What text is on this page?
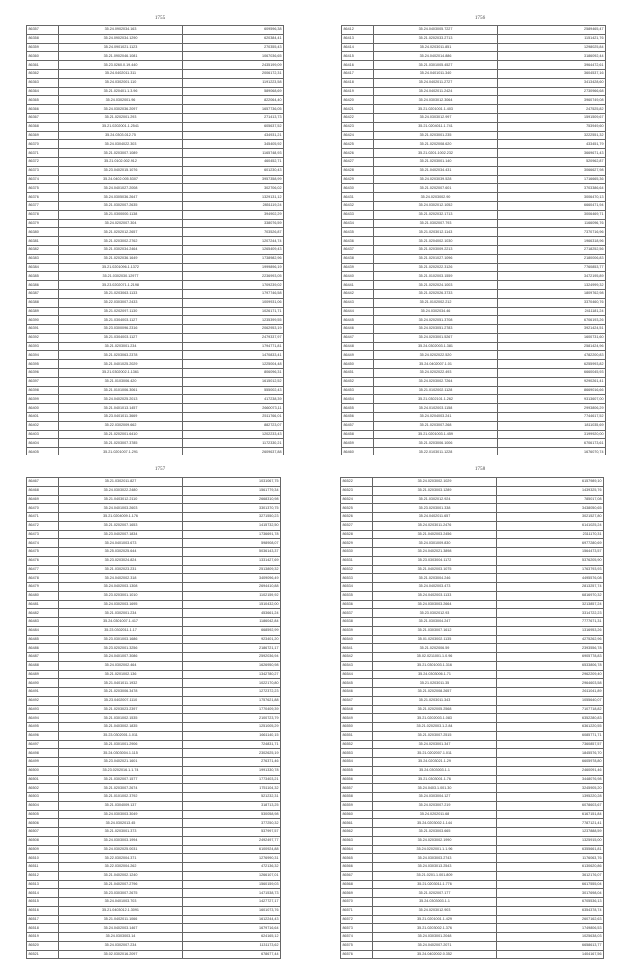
1755
86357	35.24.0902034.163	609596,38
86358	35.24.0902034.1290	620384,41
86359	35.24.0901021.1123	270355,43
86360	35.21.0902046.1081	1067036,65
86361	35.23.0260.0.19.440	2435199,09
86362	35.24.0402011.311	2006172,31
86363	35.24.0302001.110	1191223,58
86364	35.21.020401.1.3.96	589068,69
86365	35.24.0302001.96	822064,40
86366	35.24.0302036.2097	1657736,05
86367	35.21.0202001.293	271413,73
86368	35.21.0202001.1.2541	605637,52
86369	35.24.0303.012.75	434931,21
86370	35.24.0304022.303	345405,92
86371	35.21.0203007.1089	1165748,93
86372	35.21.0102.002.912	460452,71
86373	35.23.0402015.1076	601230,43
86374	35.24.0402.005.5307	3957358,99
86375	35.24.0401027.2008	302706,02
86376	35.24.0305036.2647	1329131,12
86377	35.21.0302007.2635	2851119,24
86378	35.21.0300000.1138	394902,29
86379	35.24.0202007.304	338076,59
86380	35.21.0202012.2657	703526,87
86381	35.21.0203002.2762	1207244,74
86382	35.21.0302034.2464	1265409,43
86383	35.21.0202036.1649	1738982,96
86384	35.21.0201096.1.1372	1999896,19
86385	35.21.0302030.12977	2236993,05
86386	35.23.0202071.1.2198	1709239,02
86387	35.21.0203063.1133	1797746,58
86388	35.22.0303007.2433	1009931,06
86389	35.21.0202097.1130	1026171,71
86390	35.21.0304003.1127	1235399,55
86391	35.23.0300096.2316	2062953,19
86392	35.21.0304003.1127	2479337,97
86393	35.21.0203001.234	1794771,81
86394	35.21.0203063.2378	1470833,41
86395	35.21.0401025.2029	1225004,48
86396	35.21.0302002.1.1361	806096,31
86397	35.21.0103006.420	1615012,52
86398	35.21.0101006.3061	555002,43
86399	35.24.0402025.2013	417238,39
86400	35.21.0401013.1457	2660073,11
86401	35.23.0401011.3669	2511766,01
86402	35.22.0302009.662	882723,07
86403	35.21.0202001.6410	1202233,43
86404	35.21.0203007.3785	1172330,21
86405	35.21.0201007.1.291	2609637,88

1756
86412	35.24.0403005.7227	2589465,47
86413	35.21.0202033.2713	1151421,76
86414	35.24.0203011.851	1298025,84
86415	35.24.0402014.886	3186092,44
86416	35.21.0301005.4527	3964472,61
86417	35.24.0401011.340	3604537,16
86418	35.24.0402011.2727	3413428,60
86419	35.24.0402011.2424	2730966,68
86420	35.24.0303012.3064	3960749,08
86421	35.21.0201001.1.403	247525,82
86422	35.24.0303012.997	1591509,67
86423	35.21.0204011.1.741	753949,60
86424	35.21.0203001.235	3222551,32
86425	35.21.0202008.620	433451,79
86426	35.21.0201.1002.232	3669671,43
86427	35.21.0203001.140	520962,87
86428	35.21.0402034.431	3066627,98
86429	35.24.0203039.528	1716665,36
86430	35.21.0202007.601	3703386,64
86431	35.24.0203002.90	3006470,13
86432	35.24.0302012.1052	6660471,94
86433	35.21.0202032.1713	3006469,71
86434	35.21.0302007.793	1166096,76
86435	35.21.0203012.1143	7370716,96
86436	35.21.0204002.1030	1966318,96
86437	35.21.0203009.2213	2718252,56
86438	35.21.0201027.1096	2180006,83
86439	35.21.0202022.3126	7760853,77
86440	35.21.0102003.1559	3472195,89
86441	35.21.0202024.1003	1324999,32
86442	35.21.0202026.3733	1809762,98
86443	35.21.0102002.212	3370460,76
86444	35.24.0302034.46	2411181,24
86445	35.24.0202051.3708	6706193,26
86446	35.24.0203051.2783	3921424,51
86447	35.24.0203001.5267	1600731,60
86448	35.24.0302003.1.381	2581424,96
86449	35.24.0202022.520	4782200,83
86450	35.24.0402007.1.01	6255993,82
86451	35.24.0202022.493	6660045,93
86452	35.24.0203002.7264	9290261,41
86453	35.21.0102002.1128	8669016,66
86454	35.21.0302101.1.262	9313607,00
86455	35.24.0102003.1158	2993806,29
86456	35.24.0204003.241	7744617,52
86457	35.21.0203007.268	1811035,69
86458	35.21.0201003.1.459	3199920,00
86459	35.21.0203006.1006	6706173,61
86460	35.22.0103011.1228	1676070,74

1757
86467	35.21.0302011.827	1031067,75
86468	35.24.0303022.2480	1561779,34
86469	35.21.0403012.2110	2668310,98
86470	35.24.0401003.2603	3301370,75
86471	35.21.0204009.1.176	3271550,23
86472	35.21.0202007.1653	1415732,50
86473	35.23.0402007.1834	1736691,78
86474	35.24.0401003.673	598908,07
86475	35.25.0302025.644	5036143,37
86476	35.23.0203024.824	1331427,69
86477	35.21.0302023.231	2513809,32
86478	35.24.0402002.318	3409096,49
86479	35.24.0402003.1308	2694410,88
86480	35.23.0203001.1010	1102159,92
86481	35.24.0302003.1695	1510432,00
86482	35.21.0302001.234	453661,24
86483	35.24.0301007.1.417	1186042,84
86484	35.23.0302011.1.17	668592,99
86485	35.23.0301003.1686	923401,20
86486	35.23.0202001.3256	2186721,17
86487	35.24.0401007.3086	2592036,94
86488	35.24.0302002.464	1626950,98
86489	35.21.0201002.136	1342780,27
86490	35.21.0401011.1932	1022170,80
86491	35.21.0203006.3478	1272372,23
86492	35.23.0402007.1110	1757621,88
86493	35.21.0203023.2397	1770409,39
86494	35.21.0301002.1535	2100723,79
86495	35.21.0403002.1835	1251005,29
86496	35.23.0302001.1.011	1661140,15
86497	35.21.0301001.2906	724831,71
86498	35.24.0303004.1.115	2302625,19
86499	35.23.0402021.1601	276371,46
86500	35.23.0202016.1.1.74	1991330,78
86501	35.21.0302007.1577	1773403,21
86502	35.21.0203007.2674	1751104,32
86503	35.21.0101002.3792	521232,31
86504	35.21.0304009.137	318713,25
86505	35.24.0303003.3049	530058,98
86506	35.24.0302013.45	377250,32
86507	35.21.0203001.373	537997,57
86508	35.24.0303003.1994	2492497,77
86509	35.24.0302025.0031	6100924,88
86510	35.22.0302004.371	1276990,31
86511	35.22.0302004.262	472136,32
86512	35.21.0402002.1240	1266107,01
86513	35.21.0402007.2796	1560159,03
86514	35.23.0303007.2675	1471538,73
86515	35.24.0401003.703	1427727,17
86516	35.21.0403012.1.3091	1601073,76
86517	35.21.0402011.1066	1612244,43
86518	35.24.0402003.1467	1679716,64
86519	35.24.0303003.14	624165,12
86520	35.24.0302007.234	1131173,62
86521	35.02.0302016.2097	678677,44
1758
86522	35.24.0203002.1029	6157989,10
86523	35.21.0203003.1289	1439325,76
86524	35.21.0302012.924	785017,08
86525	35.23.0203001.338	3438050,65
86526	35.24.0402011.657	3021527,80
86527	35.24.0203011.2476	6141025,24
86528	35.21.0402003.2456	2311170,31
86529	35.24.0301009.830	6977280,69
86530	35.24.0402021.3898	1564473,57
86531	35.23.0303004.1172	5376205,90
86532	35.21.0402003.1075	1763793,93
86533	35.21.0203004.246	4495576,08
86534	35.24.0402003.473	2813257,74
86535	35.24.0402003.1133	6816970,32
86536	35.24.0303003.2664	3213857,24
86537	35.23.0302012.93	3314722,23
86538	35.21.0303004.247	7777671,31
86539	35.21.0303007.1612	1316953,26
86540	35.01.0203002.1135	4275262,96
86541	35.21.0202006.59	2393556,78
86542	35.02.0211001.1.0.96	6905778,83
86543	35.21.0301003.1.316	6533806,78
86544	35.24.0303006.1.71	2962209,40
86545	35.21.0203011.35	2964603,58
86546	35.21.0202008.2657	2611041,89
86547	35.21.0203011.343	1055640,07
86548	35.21.0202005.2568	7107718,82
86549	35.21.0202003.1.083	6352280,83
86550	35.21.0202003.1.2.84	6361220,55
86551	35.21.0203007.2515	6085771,71
86552	35.24.0203001.347	7360857,57
86553	35.21.0202007.1.011	1845576,70
86554	35.24.0203021.1.29	6605978,80
86555	35.24.0303003.1.1	2460091,46
86556	35.21.0303001.1.76	3448076,98
86557	35.24.0403.1.001.30	3245905,20
86558	35.24.0303004.127	1395220,28
86559	35.24.0203007.219	6078603,67
86560	35.24.0202011.68	6167151,84
86561	35.24.0203002.1.144	7787121,41
86562	35.21.0203003.665	1237888,59
86563	35.24.0203002.1990	1325915,00
86564	35.24.0202001.1.1.96	6355661,81
86565	35.24.0303003.2743	1176063,76
86566	35.24.0303013.2543	6130620,86
86567	35.21.0201.1.001.809	3612176,07
86568	35.21.0203011.1.776	6617555,04
86569	35.21.0202007.177	3017698,04
86570	35.24.0303003.1.1	6705536,13
86571	35.24.0203012.903	6354378,74
86572	35.21.0201001.1.429	2607162,63
86573	35.21.0203002.1.376	1749806,53
86574	35.24.0303001.2048	1025638,03
86575	35.24.0402007.2071	6658613,77
86576	35.24.0402002.0.352	1404167,56
